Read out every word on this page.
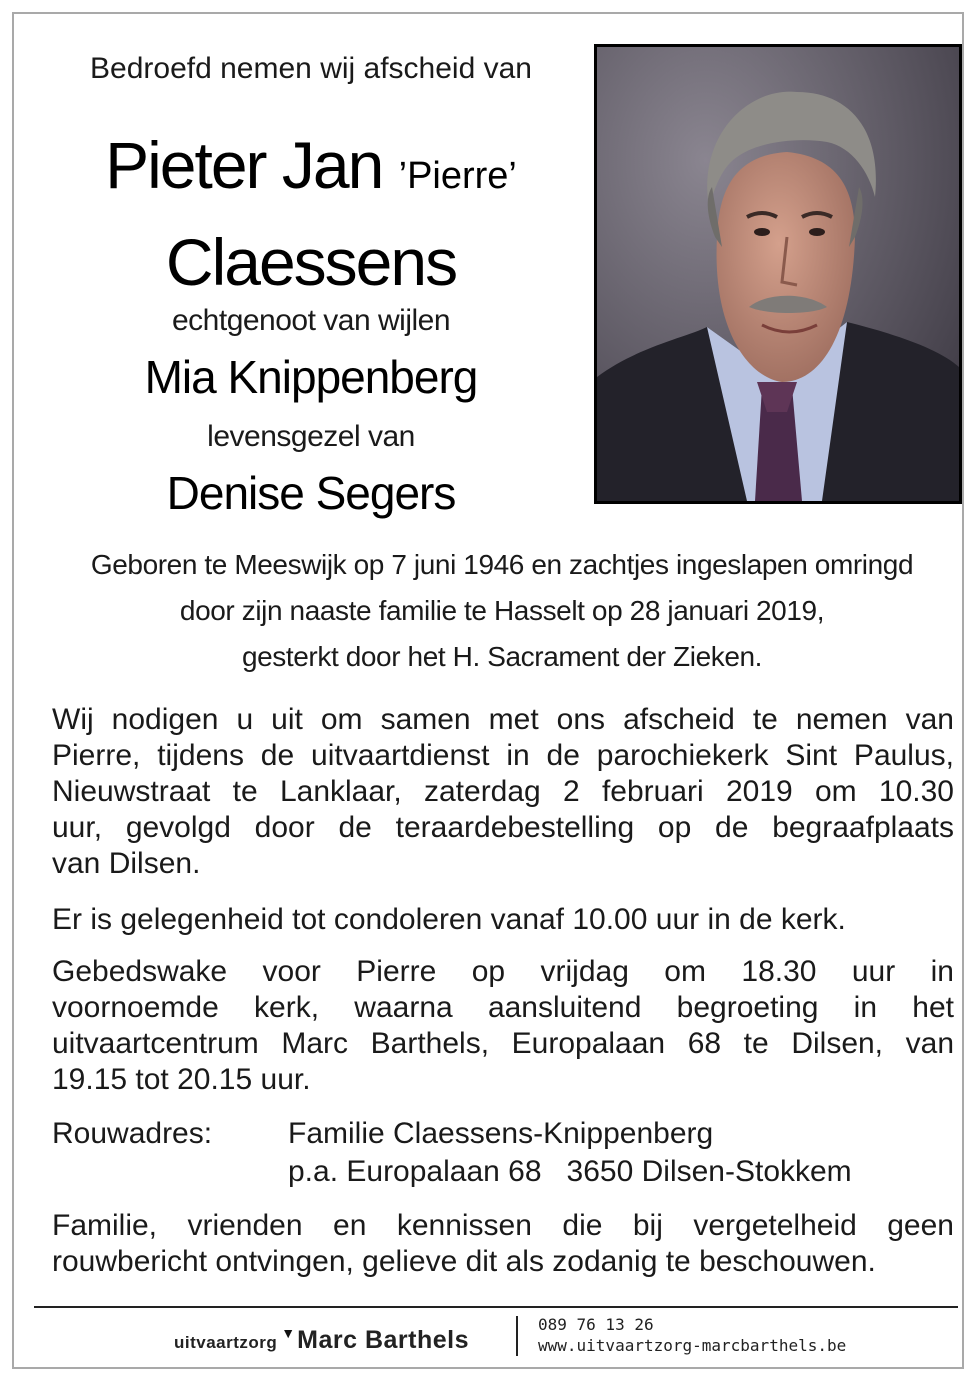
Bedroefd nemen wij afscheid van
Pieter Jan ’Pierre’
Claessens
echtgenoot van wijlen
Mia Knippenberg
levensgezel van
Denise Segers
Geboren te Meeswijk op 7 juni 1946 en zachtjes ingeslapen omringd
door zijn naaste familie te Hasselt op 28 januari 2019,
gesterkt door het H. Sacrament der Zieken.
Wij nodigen u uit om samen met ons afscheid te nemen van
Pierre, tijdens de uitvaartdienst in de parochiekerk Sint Paulus,
Nieuwstraat te Lanklaar, zaterdag 2 februari 2019 om 10.30
uur, gevolgd door de teraardebestelling op de begraafplaats
van Dilsen.
Er is gelegenheid tot condoleren vanaf 10.00 uur in de kerk.
Gebedswake voor Pierre op vrijdag om 18.30 uur in
voornoemde kerk, waarna aansluitend begroeting in het
uitvaartcentrum Marc Barthels, Europalaan 68 te Dilsen, van
19.15 tot 20.15 uur.
Rouwadres:	Familie Claessens-Knippenberg
p.a. Europalaan 68   3650 Dilsen-Stokkem
Familie, vrienden en kennissen die bij vergetelheid geen
rouwbericht ontvingen, gelieve dit als zodanig te beschouwen.
uitvaartzorg ▼Marc Barthels
089 76 13 26
www.uitvaartzorg-marcbarthels.be
